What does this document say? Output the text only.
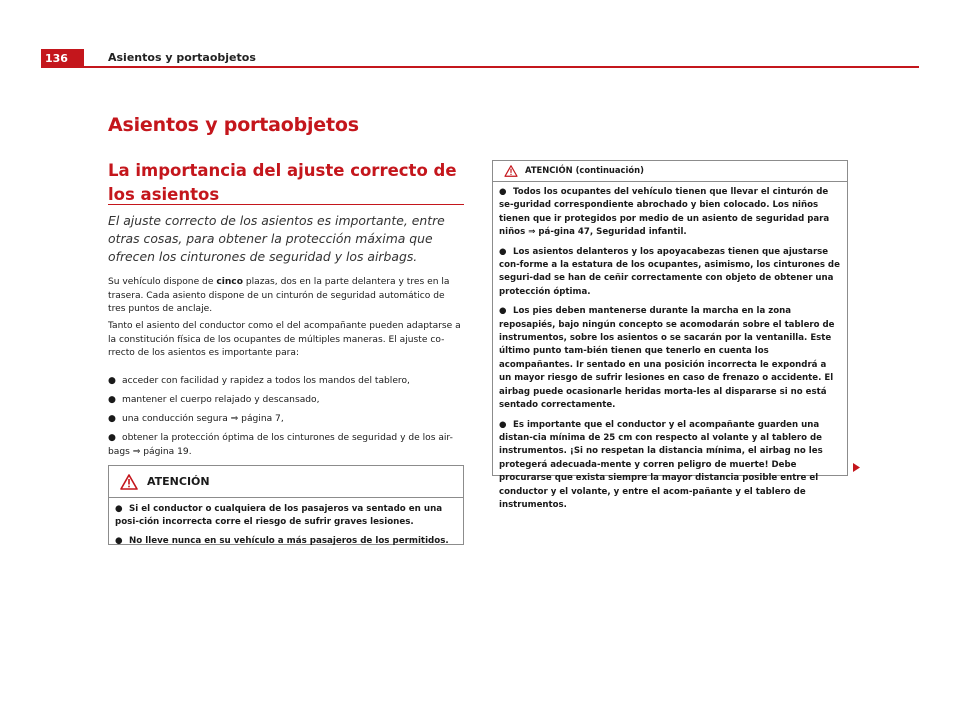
136	Asientos y portaobjetos
Asientos y portaobjetos
La importancia del ajuste correcto de los asientos
El ajuste correcto de los asientos es importante, entre otras cosas, para obtener la protección máxima que ofrecen los cinturones de seguridad y los airbags.
Su vehículo dispone de cinco plazas, dos en la parte delantera y tres en la trasera. Cada asiento dispone de un cinturón de seguridad automático de tres puntos de anclaje.
Tanto el asiento del conductor como el del acompañante pueden adaptarse a la constitución física de los ocupantes de múltiples maneras. El ajuste co-rrecto de los asientos es importante para:
● acceder con facilidad y rapidez a todos los mandos del tablero,
● mantener el cuerpo relajado y descansado,
● una conducción segura ⇒ página 7,
● obtener la protección óptima de los cinturones de seguridad y de los air-bags ⇒ página 19.
ATENCIÓN
● Si el conductor o cualquiera de los pasajeros va sentado en una posi-ción incorrecta corre el riesgo de sufrir graves lesiones.
● No lleve nunca en su vehículo a más pasajeros de los permitidos.
ATENCIÓN (continuación)
● Todos los ocupantes del vehículo tienen que llevar el cinturón de se-guridad correspondiente abrochado y bien colocado. Los niños tienen que ir protegidos por medio de un asiento de seguridad para niños ⇒ pá-gina 47, Seguridad infantil.
● Los asientos delanteros y los apoyacabezas tienen que ajustarse con-forme a la estatura de los ocupantes, asimismo, los cinturones de seguri-dad se han de ceñir correctamente con objeto de obtener una protección óptima.
● Los pies deben mantenerse durante la marcha en la zona reposapiés, bajo ningún concepto se acomodarán sobre el tablero de instrumentos, sobre los asientos o se sacarán por la ventanilla. Este último punto tam-bién tienen que tenerlo en cuenta los acompañantes. Ir sentado en una posición incorrecta le expondrá a un mayor riesgo de sufrir lesiones en caso de frenazo o accidente. El airbag puede ocasionarle heridas morta-les al dispararse si no está sentado correctamente.
● Es importante que el conductor y el acompañante guarden una distan-cia mínima de 25 cm con respecto al volante y al tablero de instrumentos. ¡Si no respetan la distancia mínima, el airbag no les protegerá adecuada-mente y corren peligro de muerte! Debe procurarse que exista siempre la mayor distancia posible entre el conductor y el volante, y entre el acom-pañante y el tablero de instrumentos.
